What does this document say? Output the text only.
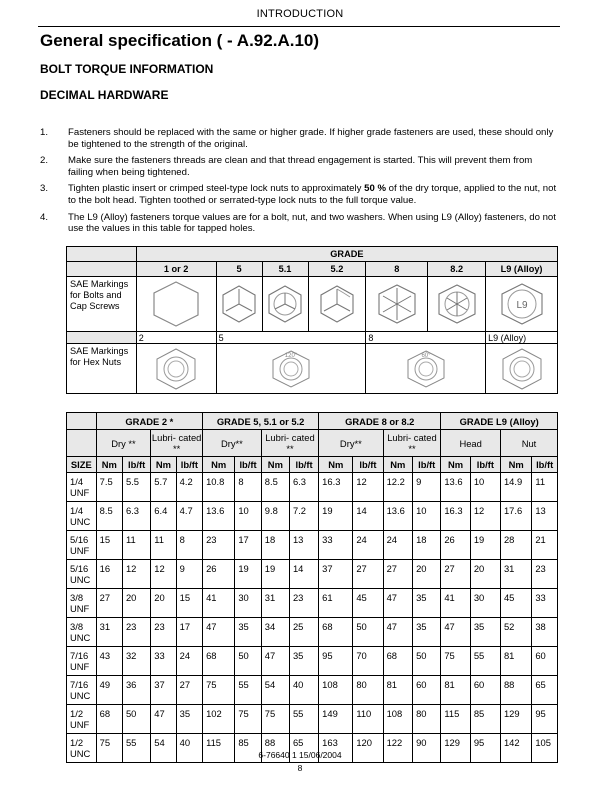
INTRODUCTION
General specification ( - A.92.A.10)
BOLT TORQUE INFORMATION
DECIMAL HARDWARE
1. Fasteners should be replaced with the same or higher grade. If higher grade fasteners are used, these should only be tightened to the strength of the original.
2. Make sure the fasteners threads are clean and that thread engagement is started. This will prevent them from failing when being tightened.
3. Tighten plastic insert or crimped steel-type lock nuts to approximately 50 % of the dry torque, applied to the nut, not to the bolt head. Tighten toothed or serrated-type lock nuts to the full torque value.
4. The L9 (Alloy) fasteners torque values are for a bolt, nut, and two washers. When using L9 (Alloy) fasteners, do not use the values in this table for tapped holes.
	GRADE						
	1 or 2	5	5.1	5.2	8	8.2	L9 (Alloy)
SAE Markings for Bolts and Cap Screws							L9

	2	5			8		L9 (Alloy)
SAE Markings for Hex Nuts		120°			60°

	GRADE 2 *				GRADE 5, 5.1 or 5.2				GRADE 8 or 8.2				GRADE L9 (Alloy)			
	Dry **		Lubri- cated **		Dry**		Lubri- cated **		Dry**		Lubri- cated **		Head		Nut	
SIZE	Nm	lb/ft	Nm	lb/ft	Nm	lb/ft	Nm	lb/ft	Nm	lb/ft	Nm	lb/ft	Nm	lb/ft	Nm	lb/ft
1/4 UNF	7.5	5.5	5.7	4.2	10.8	8	8.5	6.3	16.3	12	12.2	9	13.6	10	14.9	11
1/4 UNC	8.5	6.3	6.4	4.7	13.6	10	9.8	7.2	19	14	13.6	10	16.3	12	17.6	13
5/16 UNF	15	11	11	8	23	17	18	13	33	24	24	18	26	19	28	21
5/16 UNC	16	12	12	9	26	19	19	14	37	27	27	20	27	20	31	23
3/8 UNF	27	20	20	15	41	30	31	23	61	45	47	35	41	30	45	33
3/8 UNC	31	23	23	17	47	35	34	25	68	50	47	35	47	35	52	38
7/16 UNF	43	32	33	24	68	50	47	35	95	70	68	50	75	55	81	60
7/16 UNC	49	36	37	27	75	55	54	40	108	80	81	60	81	60	88	65
1/2 UNF	68	50	47	35	102	75	75	55	149	110	108	80	115	85	129	95
1/2 UNC	75	55	54	40	115	85	88	65	163	120	122	90	129	95	142	105
6-76640 1 15/06/2004
8
